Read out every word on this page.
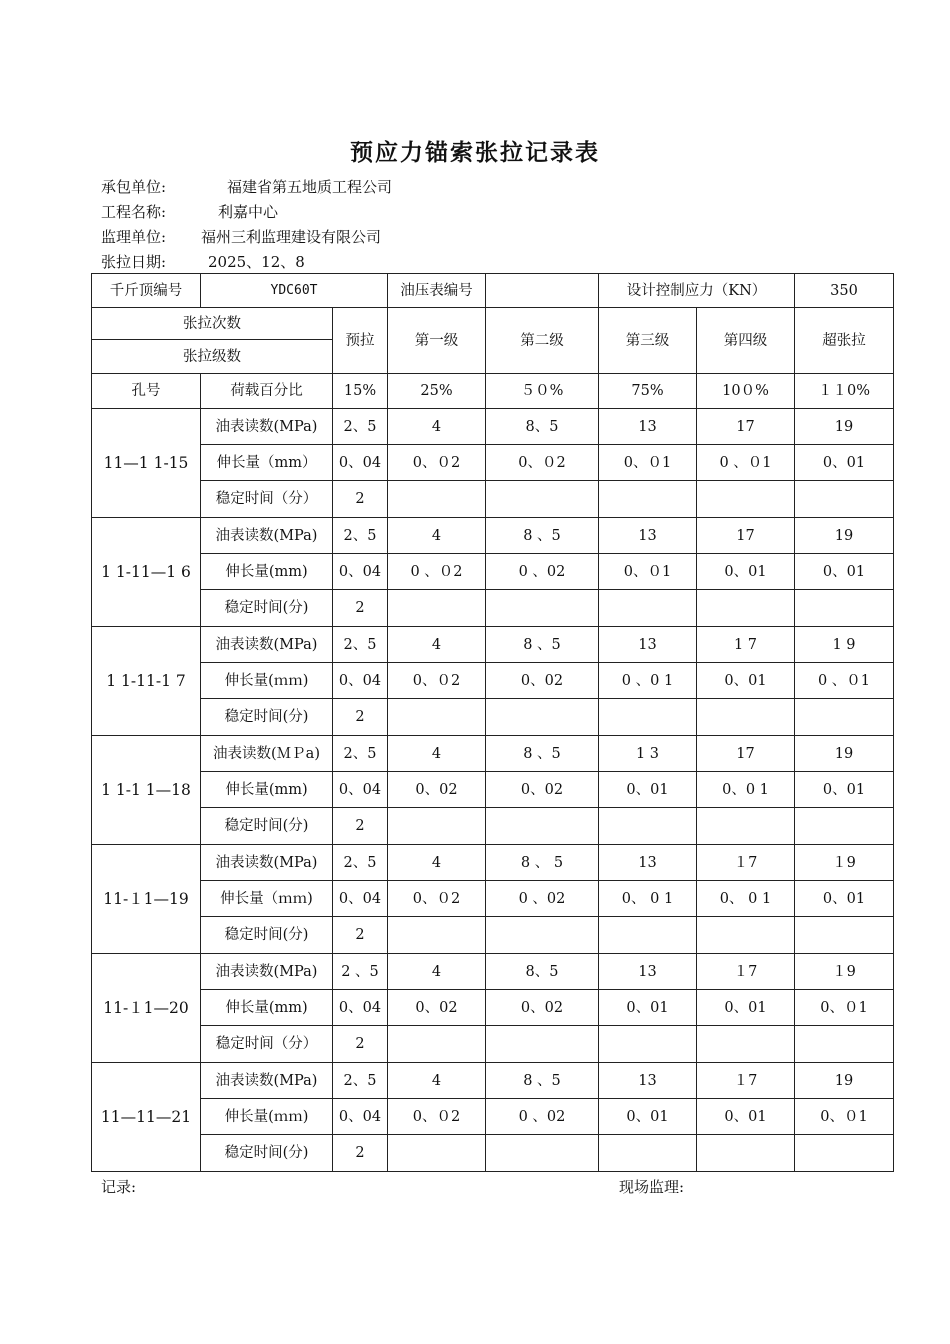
预应力锚索张拉记录表
承包单位:	福建省第五地质工程公司
工程名称:	利嘉中心
监理单位: 福州三利监理建设有限公司
张拉日期:	2025、12、8
千斤顶编号	YDC60T		油压表编号		设计控制应力（KN）		350
张拉次数		预拉	第一级	第二级	第三级	第四级	超张拉
张拉级数							
孔号	荷载百分比	15%	25%	５０%	75%	10０%	１１0%
11—1 1-15	油表读数(MPa)	2、5	4	8、5	13	17	19
	伸长量（mm）	0、04	0、０2	0、０2	0、０1	0 、０1	0、01
	稳定时间（分）	2					
1 1-11—1 6	油表读数(MPa)	2、5	4	8 、5	13	17	19
	伸长量(mm)	0、04	0 、０2	0 、02	0、０1	0、01	0、01
	稳定时间(分)	2					
1 1-11-1 7	油表读数(MPa)	2、5	4	8 、5	13	1 7	1 9
	伸长量(ｍｍ)	0、04	0、０2	0、02	0 、0 1	0、01	0 、０1
	稳定时间(分)	2					
1 1-1 1—18	油表读数(ＭＰa)	2、5	4	8 、5	1 3	17	19
	伸长量(mm)	0、04	0、02	0、02	0、01	0、0 1	0、01
	稳定时间(分)	2					
11-１1—19	油表读数(MPa)	2、5	4	8 、 5	13	１7	１9
	伸长量（ｍｍ)	0、04	0、０2	0 、02	0、 0 1	0、 0 1	0、01
	稳定时间(分)	2					
11-１1—20	油表读数(MPa)	2 、5	4	8、5	13	１7	１9
	伸长量(mm)	0、04	0、02	0、02	0、01	0、01	0、０1
	稳定时间（分）	2					
11—11—21	油表读数(MPa)	2、5	4	8 、5	13	１7	19
	伸长量(ｍｍ)	0、04	0、０2	0 、02	0、01	0、01	0、０1
	稳定时间(分)	2					
记录:	现场监理:
